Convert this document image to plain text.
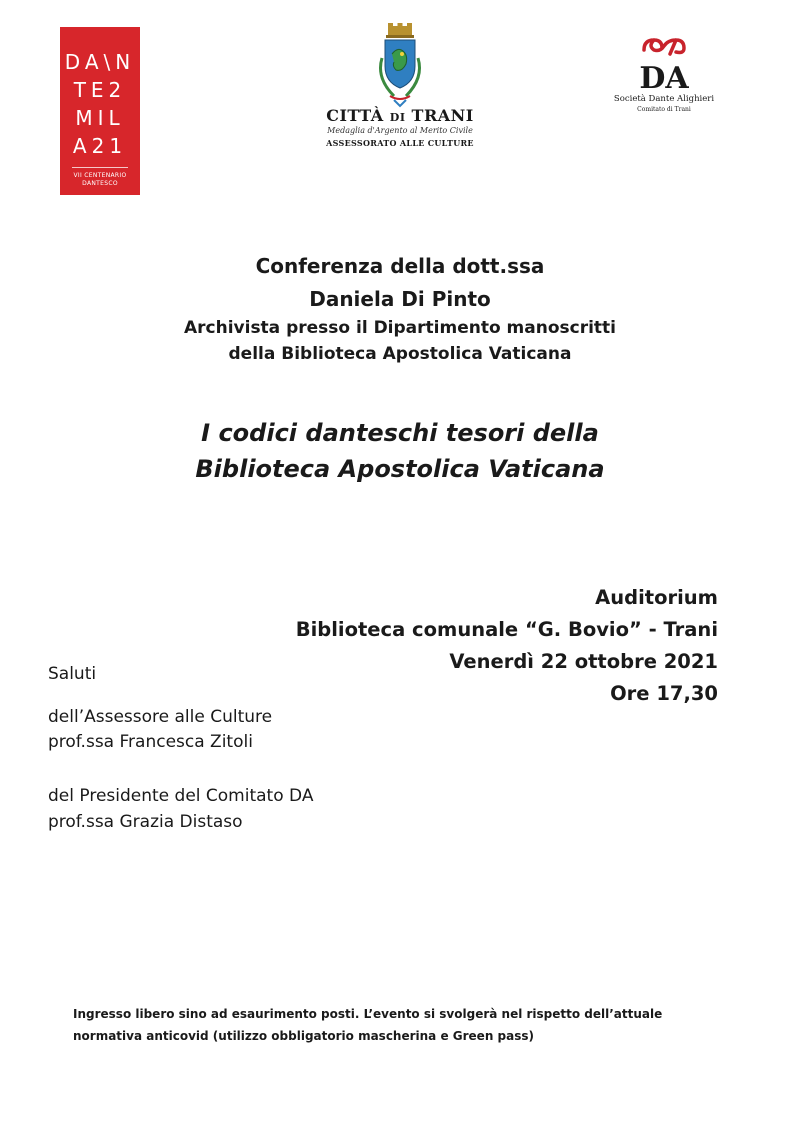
DA\N
TE2
MIL
A21
VII CENTENARIO
DANTESCO
CITTÀ DI TRANI
Medaglia d'Argento al Merito Civile
ASSESSORATO ALLE CULTURE
DA
Società Dante Alighieri
Comitato di Trani
Conferenza della dott.ssa
Daniela Di Pinto
Archivista presso il Dipartimento manoscritti
della Biblioteca Apostolica Vaticana
I codici danteschi tesori della
Biblioteca Apostolica Vaticana
Auditorium
Biblioteca comunale “G. Bovio” - Trani
Venerdì 22 ottobre 2021
Ore 17,30
Saluti
dell’Assessore alle Culture
prof.ssa Francesca Zitoli
del Presidente del Comitato DA
prof.ssa Grazia Distaso
Ingresso libero sino ad esaurimento posti. L’evento si svolgerà nel rispetto dell’attuale
normativa anticovid (utilizzo obbligatorio mascherina e Green pass)
